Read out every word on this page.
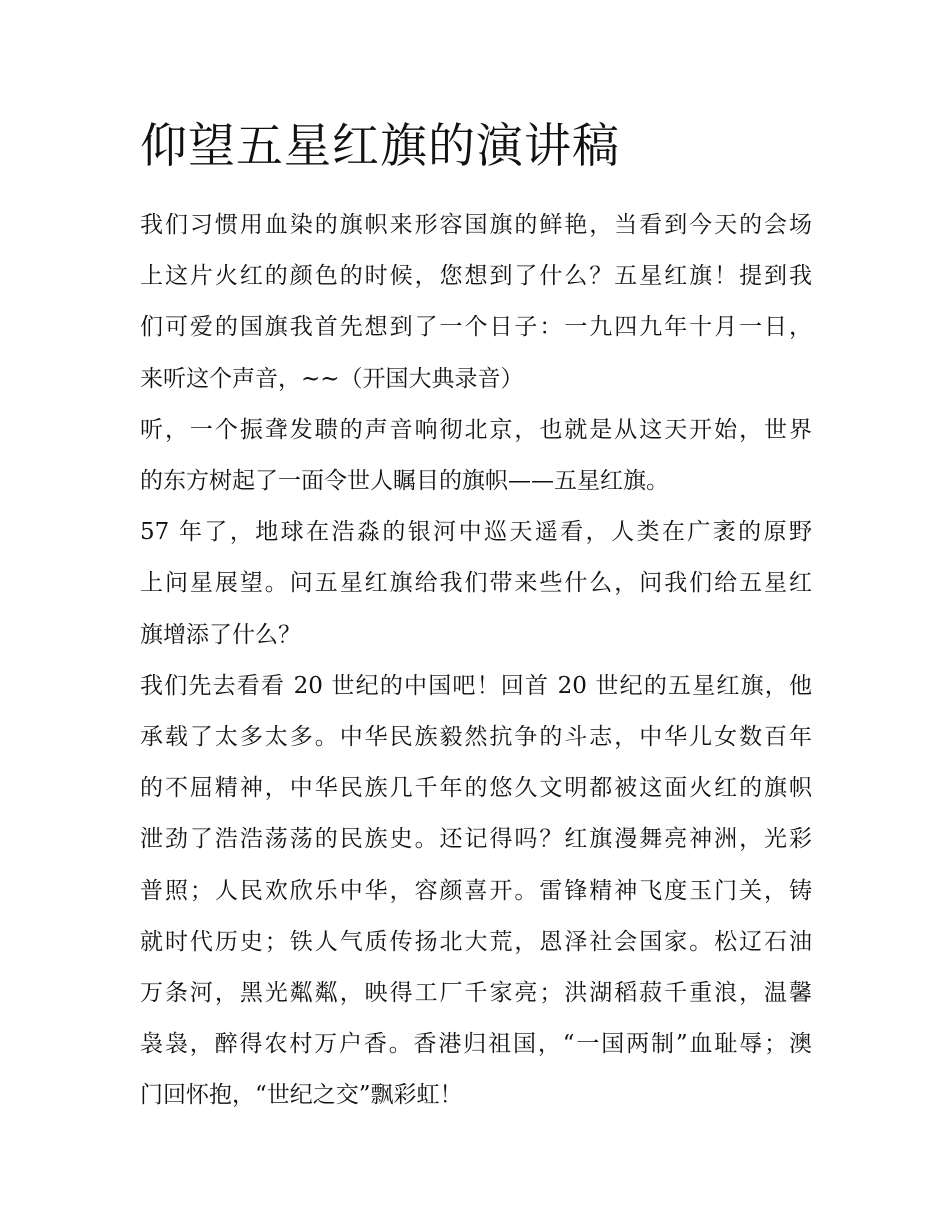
仰望五星红旗的演讲稿

我们习惯用血染的旗帜来形容国旗的鲜艳，当看到今天的会场
上这片火红的颜色的时候，您想到了什么？五星红旗！提到我
们可爱的国旗我首先想到了一个日子：一九四九年十月一日，
来听这个声音，~~（开国大典录音）

听，一个振聋发聩的声音响彻北京，也就是从这天开始，世界
的东方树起了一面令世人瞩目的旗帜——五星红旗。

57 年了，地球在浩淼的银河中巡天遥看，人类在广袤的原野
上问星展望。问五星红旗给我们带来些什么，问我们给五星红
旗增添了什么？

我们先去看看 20 世纪的中国吧！回首 20 世纪的五星红旗，他
承载了太多太多。中华民族毅然抗争的斗志，中华儿女数百年
的不屈精神，中华民族几千年的悠久文明都被这面火红的旗帜
泄劲了浩浩荡荡的民族史。还记得吗？红旗漫舞亮神洲，光彩
普照；人民欢欣乐中华，容颜喜开。雷锋精神飞度玉门关，铸
就时代历史；铁人气质传扬北大荒，恩泽社会国家。松辽石油
万条河，黑光粼粼，映得工厂千家亮；洪湖稻菽千重浪，温馨
袅袅，醉得农村万户香。香港归祖国，“一国两制”血耻辱；澳
门回怀抱，“世纪之交”飘彩虹！
